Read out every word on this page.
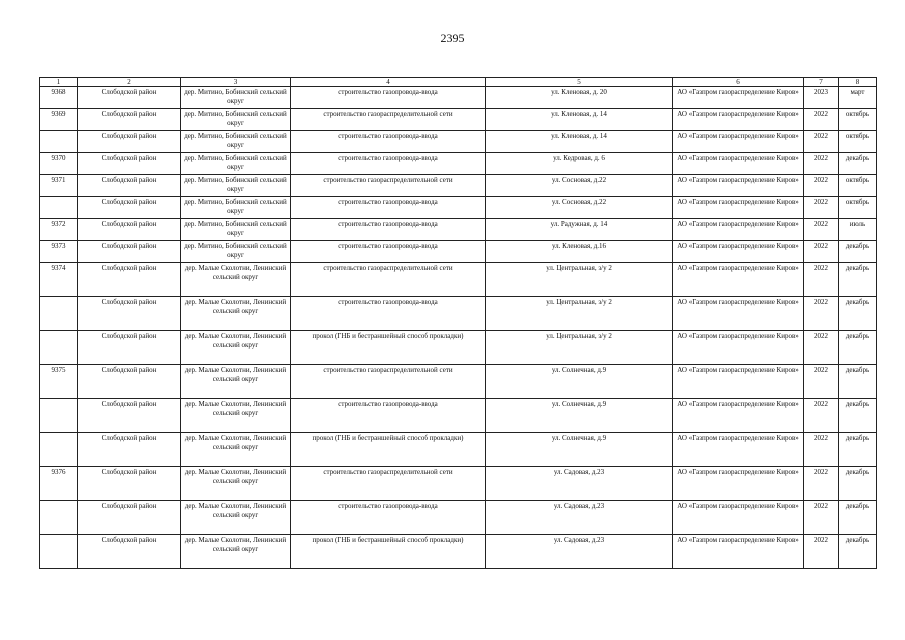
2395
1	2	3	4	5	6	7	8
9368	Слободской район	дер. Митино, Бобинский сельский округ	строительство газопровода-ввода	ул. Кленовая, д. 20	АО «Газпром газораспределение Киров»	2023	март
9369	Слободской район	дер. Митино, Бобинский сельский округ	строительство газораспределительной сети	ул. Кленовая, д. 14	АО «Газпром газораспределение Киров»	2022	октябрь
	Слободской район	дер. Митино, Бобинский сельский округ	строительство газопровода-ввода	ул. Кленовая, д. 14	АО «Газпром газораспределение Киров»	2022	октябрь
9370	Слободской район	дер. Митино, Бобинский сельский округ	строительство газопровода-ввода	ул. Кедровая, д. 6	АО «Газпром газораспределение Киров»	2022	декабрь
9371	Слободской район	дер. Митино, Бобинский сельский округ	строительство газораспределительной сети	ул. Сосновая, д.22	АО «Газпром газораспределение Киров»	2022	октябрь
	Слободской район	дер. Митино, Бобинский сельский округ	строительство газопровода-ввода	ул. Сосновая, д.22	АО «Газпром газораспределение Киров»	2022	октябрь
9372	Слободской район	дер. Митино, Бобинский сельский округ	строительство газопровода-ввода	ул. Радужная, д. 14	АО «Газпром газораспределение Киров»	2022	июль
9373	Слободской район	дер. Митино, Бобинский сельский округ	строительство газопровода-ввода	ул. Кленовая, д.16	АО «Газпром газораспределение Киров»	2022	декабрь
9374	Слободской район	дер. Малые Сколотни, Ленинский сельский округ	строительство газораспределительной сети	ул. Центральная, з/у 2	АО «Газпром газораспределение Киров»	2022	декабрь
	Слободской район	дер. Малые Сколотни, Ленинский сельский округ	строительство газопровода-ввода	ул. Центральная, з/у 2	АО «Газпром газораспределение Киров»	2022	декабрь
	Слободской район	дер. Малые Сколотни, Ленинский сельский округ	прокол (ГНБ и бестраншейный способ прокладки)	ул. Центральная, з/у 2	АО «Газпром газораспределение Киров»	2022	декабрь
9375	Слободской район	дер. Малые Сколотни, Ленинский сельский округ	строительство газораспределительной сети	ул. Солнечная, д.9	АО «Газпром газораспределение Киров»	2022	декабрь
	Слободской район	дер. Малые Сколотни, Ленинский сельский округ	строительство газопровода-ввода	ул. Солнечная, д.9	АО «Газпром газораспределение Киров»	2022	декабрь
	Слободской район	дер. Малые Сколотни, Ленинский сельский округ	прокол (ГНБ и бестраншейный способ прокладки)	ул. Солнечная, д.9	АО «Газпром газораспределение Киров»	2022	декабрь
9376	Слободской район	дер. Малые Сколотни, Ленинский сельский округ	строительство газораспределительной сети	ул. Садовая, д.23	АО «Газпром газораспределение Киров»	2022	декабрь
	Слободской район	дер. Малые Сколотни, Ленинский сельский округ	строительство газопровода-ввода	ул. Садовая, д.23	АО «Газпром газораспределение Киров»	2022	декабрь
	Слободской район	дер. Малые Сколотни, Ленинский сельский округ	прокол (ГНБ и бестраншейный способ прокладки)	ул. Садовая, д.23	АО «Газпром газораспределение Киров»	2022	декабрь
